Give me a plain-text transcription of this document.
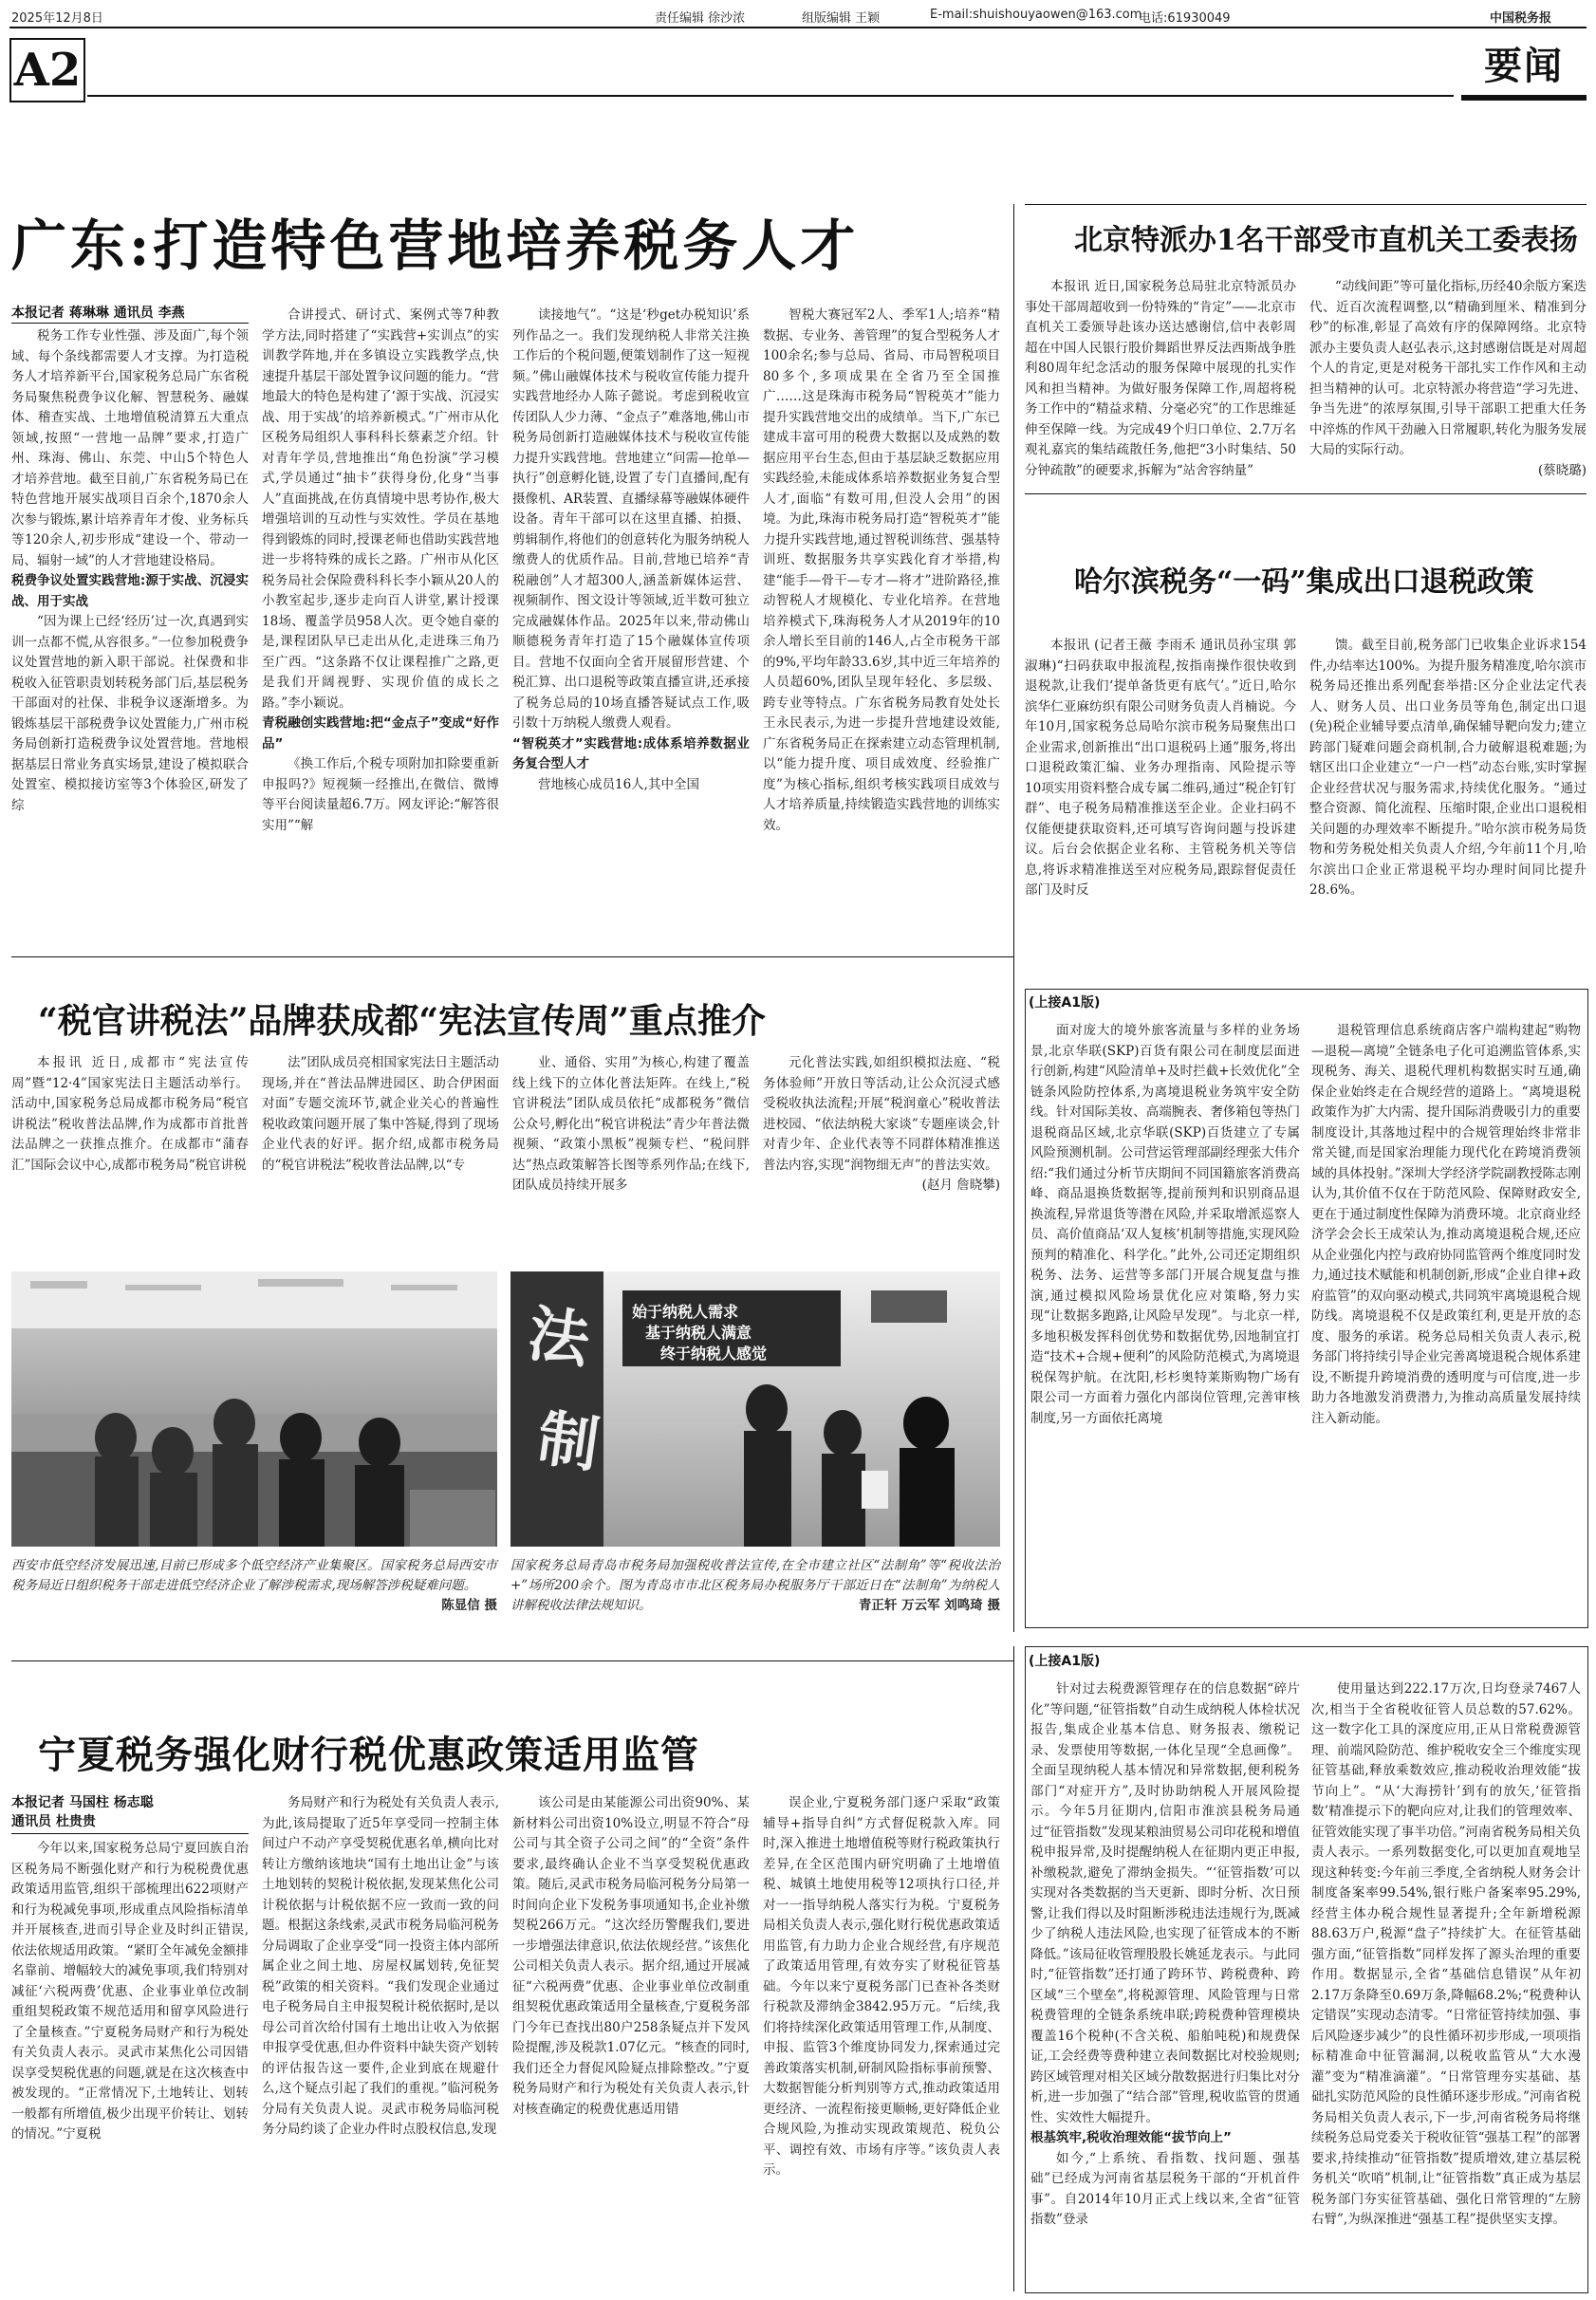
2025年12月8日	责任编辑 徐沙浓	组版编辑 王颖	E-mail:shuishouyaowen@163.com
电话:61930049	中国税务报
A2	要闻
广东:打造特色营地培养税务人才
本报记者 蒋琳琳 通讯员 李燕

税务工作专业性强、涉及面广,每个领域、每个条线都需要人才支撑。为打造税务人才培养新平台,国家税务总局广东省税务局聚焦税费争议化解、智慧税务、融媒体、稽查实战、土地增值税清算五大重点领域,按照“一营地一品牌”要求,打造广州、珠海、佛山、东莞、中山5个特色人才培养营地。截至目前,广东省税务局已在特色营地开展实战项目百余个,1870余人次参与锻炼,累计培养青年才俊、业务标兵等120余人,初步形成“建设一个、带动一局、辐射一域”的人才营地建设格局。

税费争议处置实践营地:源于实战、沉浸实战、用于实战

“因为课上已经‘经历’过一次,真遇到实训一点都不慌,从容很多。”一位参加税费争议处置营地的新入职干部说。社保费和非税收入征管职责划转税务部门后,基层税务干部面对的社保、非税争议逐渐增多。为锻炼基层干部税费争议处置能力,广州市税务局创新打造税费争议处置营地。营地根据基层日常业务真实场景,建设了模拟联合处置室、模拟接访室等3个体验区,研发了综

合讲授式、研讨式、案例式等7种教学方法,同时搭建了“实践营+实训点”的实训教学阵地,并在多镇设立实践教学点,快速提升基层干部处置争议问题的能力。“营地最大的特色是构建了‘源于实战、沉浸实战、用于实战’的培养新模式。”广州市从化区税务局组织人事科科长蔡素芝介绍。针对青年学员,营地推出“角色扮演”学习模式,学员通过“抽卡”获得身份,化身“当事人”直面挑战,在仿真情境中思考协作,极大增强培训的互动性与实效性。学员在基地得到锻炼的同时,授课老师也借助实践营地进一步将特殊的成长之路。广州市从化区税务局社会保险费科科长李小颖从20人的小教室起步,逐步走向百人讲堂,累计授课18场、覆盖学员958人次。更令她自豪的是,课程团队早已走出从化,走进珠三角乃至广西。“这条路不仅让课程推广之路,更是我们开阔视野、实现价值的成长之路。”李小颖说。

青税融创实践营地:把“金点子”变成“好作品”

《换工作后,个税专项附加扣除要重新申报吗?》短视频一经推出,在微信、微博等平台阅读量超6.7万。网友评论:“解答很实用”“解

读接地气”。“这是‘秒get办税知识’系列作品之一。我们发现纳税人非常关注换工作后的个税问题,便策划制作了这一短视频。”佛山融媒体技术与税收宣传能力提升实践营地经办人陈子懿说。考虑到税收宣传团队人少力薄、“金点子”难落地,佛山市税务局创新打造融媒体技术与税收宣传能力提升实践营地。营地建立“问需—抢单—执行”创意孵化链,设置了专门直播间,配有摄像机、AR装置、直播绿幕等融媒体硬件设备。青年干部可以在这里直播、拍摄、剪辑制作,将他们的创意转化为服务纳税人缴费人的优质作品。目前,营地已培养“青税融创”人才超300人,涵盖新媒体运营、视频制作、图文设计等领域,近半数可独立完成融媒体作品。2025年以来,带动佛山顺德税务青年打造了15个融媒体宣传项目。营地不仅面向全省开展留形营建、个税汇算、出口退税等政策直播宣讲,还承接了税务总局的10场直播答疑试点工作,吸引数十万纳税人缴费人观看。

“智税英才”实践营地:成体系培养数据业务复合型人才

营地核心成员16人,其中全国

智税大赛冠军2人、季军1人;培养“精数据、专业务、善管理”的复合型税务人才100余名;参与总局、省局、市局智税项目80多个,多项成果在全省乃至全国推广……这是珠海市税务局“智税英才”能力提升实践营地交出的成绩单。当下,广东已建成丰富可用的税费大数据以及成熟的数据应用平台生态,但由于基层缺乏数据应用实践经验,未能成体系培养数据业务复合型人才,面临“有数可用,但没人会用”的困境。为此,珠海市税务局打造“智税英才”能力提升实践营地,通过智税训练营、强基特训班、数据服务共享实践化育才举措,构建“能手—骨干—专才—将才”进阶路径,推动智税人才规模化、专业化培养。在营地培养模式下,珠海税务人才从2019年的10余人增长至目前的146人,占全市税务干部的9%,平均年龄33.6岁,其中近三年培养的人员超60%,团队呈现年轻化、多层级、跨专业等特点。广东省税务局教育处处长王永民表示,为进一步提升营地建设效能,广东省税务局正在探索建立动态管理机制,以“能力提升度、项目成效度、经验推广度”为核心指标,组织考核实践项目成效与人才培养质量,持续锻造实践营地的训练实效。

北京特派办1名干部受市直机关工委表扬

本报讯 近日,国家税务总局驻北京特派员办事处干部周超收到一份特殊的“肯定”——北京市直机关工委颁导赴该办送达感谢信,信中表彰周超在中国人民银行股价舞蹈世界反法西斯战争胜利80周年纪念活动的服务保障中展现的扎实作风和担当精神。为做好服务保障工作,周超将税务工作中的“精益求精、分毫必究”的工作思维延伸至保障一线。为完成49个归口单位、2.7万名观礼嘉宾的集结疏散任务,他把“3小时集结、50分钟疏散”的硬要求,拆解为“站舍容纳量”

“动线间距”等可量化指标,历经40余版方案迭代、近百次流程调整,以“精确到厘米、精准到分秒”的标准,彰显了高效有序的保障网络。北京特派办主要负责人赵弘表示,这封感谢信既是对周超个人的肯定,更是对税务干部扎实工作作风和主动担当精神的认可。北京特派办将营造“学习先进、争当先进”的浓厚氛围,引导干部职工把重大任务中淬炼的作风干劲融入日常履职,转化为服务发展大局的实际行动。

(蔡晓璐)

哈尔滨税务“一码”集成出口退税政策

本报讯 (记者王薇 李雨禾 通讯员孙宝琪 郭淑琳)“扫码获取申报流程,按指南操作很快收到退税款,让我们‘提单备货更有底气’。”近日,哈尔滨华仁亚麻纺织有限公司财务负责人肖楠说。今年10月,国家税务总局哈尔滨市税务局聚焦出口企业需求,创新推出“出口退税码上通”服务,将出口退税政策汇编、业务办理指南、风险提示等10项实用资料整合成专属二维码,通过“税企钉钉群”、电子税务局精准推送至企业。企业扫码不仅能便捷获取资料,还可填写咨询问题与投诉建议。后台会依据企业名称、主管税务机关等信息,将诉求精准推送至对应税务局,跟踪督促责任部门及时反

馈。截至目前,税务部门已收集企业诉求154件,办结率达100%。为提升服务精准度,哈尔滨市税务局还推出系列配套举措:区分企业法定代表人、财务人员、出口业务员等角色,制定出口退(免)税企业辅导要点清单,确保辅导靶向发力;建立跨部门疑难问题会商机制,合力破解退税难题;为辖区出口企业建立“一户一档”动态台账,实时掌握企业经营状况与服务需求,持续优化服务。“通过整合资源、简化流程、压缩时限,企业出口退税相关问题的办理效率不断提升。”哈尔滨市税务局货物和劳务税处相关负责人介绍,今年前11个月,哈尔滨出口企业正常退税平均办理时间同比提升28.6%。

“税官讲税法”品牌获成都“宪法宣传周”重点推介

本报讯 近日,成都市“宪法宣传周”暨“12·4”国家宪法日主题活动举行。活动中,国家税务总局成都市税务局“税官讲税法”税收普法品牌,作为成都市首批普法品牌之一获推点推介。在成都市“蒲春汇”国际会议中心,成都市税务局“税官讲税

法”团队成员亮相国家宪法日主题活动现场,并在“普法品牌进园区、助合伊困面对面”专题交流环节,就企业关心的普遍性税收政策问题开展了集中答疑,得到了现场企业代表的好评。据介绍,成都市税务局的“税官讲税法”税收普法品牌,以“专

业、通俗、实用”为核心,构建了覆盖线上线下的立体化普法矩阵。在线上,“税官讲税法”团队成员依托“成都税务”微信公众号,孵化出“税官讲税法”青少年普法微视频、“政策小黑板”视频专栏、“税问胖达”热点政策解答长图等系列作品;在线下,团队成员持续开展多

元化普法实践,如组织模拟法庭、“税务体验师”开放日等活动,让公众沉浸式感受税收执法流程;开展“税润童心”税收普法进校园、“依法纳税大家谈”专题座谈会,针对青少年、企业代表等不同群体精准推送普法内容,实现“润物细无声”的普法实效。

(赵月 詹晓攀)

西安市低空经济发展迅速,目前已形成多个低空经济产业集聚区。国家税务总局西安市税务局近日组织税务干部走进低空经济企业了解涉税需求,现场解答涉税疑难问题。
陈显信 摄
法
制
始于纳税人需求
基于纳税人满意
终于纳税人感觉
国家税务总局青岛市税务局加强税收普法宣传,在全市建立社区“法制角”等“税收法治+”场所200余个。图为青岛市市北区税务局办税服务厅干部近日在“法制角”为纳税人讲解税收法律法规知识。	青正轩 万云军 刘鸣琦 摄
(上接A1版)

面对庞大的境外旅客流量与多样的业务场景,北京华联(SKP)百货有限公司在制度层面进行创新,构建“风险清单+及时拦截+长效优化”全链条风险防控体系,为离境退税业务筑牢安全防线。针对国际美妆、高端腕表、奢侈箱包等热门退税商品区域,北京华联(SKP)百货建立了专属风险预测机制。公司营运管理部副经理张大伟介绍:“我们通过分析节庆期间不同国籍旅客消费高峰、商品退换货数据等,提前预判和识别商品退换流程,异常退货等潜在风险,并采取增派巡察人员、高价值商品‘双人复核’机制等措施,实现风险预判的精准化、科学化。”此外,公司还定期组织税务、法务、运营等多部门开展合规复盘与推演,通过模拟风险场景优化应对策略,努力实现“让数据多跑路,让风险早发现”。与北京一样,多地积极发挥科创优势和数据优势,因地制宜打造“技术+合规+便利”的风险防范模式,为离境退税保驾护航。在沈阳,杉杉奥特莱斯购物广场有限公司一方面着力强化内部岗位管理,完善审核制度,另一方面依托离境

退税管理信息系统商店客户端构建起“购物—退税—离境”全链条电子化可追溯监管体系,实现税务、海关、退税代理机构数据实时互通,确保企业始终走在合规经营的道路上。“离境退税政策作为扩大内需、提升国际消费吸引力的重要制度设计,其落地过程中的合规管理始终非常非常关键,而是国家治理能力现代化在跨境消费领域的具体投射。”深圳大学经济学院副教授陈志刚认为,其价值不仅在于防范风险、保障财政安全,更在于通过制度性保障为消费环境。北京商业经济学会会长王成荣认为,推动离境退税合规,还应从企业强化内控与政府协同监管两个维度同时发力,通过技术赋能和机制创新,形成“企业自律+政府监管”的双向驱动模式,共同筑牢离境退税合规防线。离境退税不仅是政策红利,更是开放的态度、服务的承诺。税务总局相关负责人表示,税务部门将持续引导企业完善离境退税合规体系建设,不断提升跨境消费的透明度与可信度,进一步助力各地激发消费潜力,为推动高质量发展持续注入新动能。

宁夏税务强化财行税优惠政策适用监管
本报记者 马国柱 杨志聪
通讯员 杜贵贵

今年以来,国家税务总局宁夏回族自治区税务局不断强化财产和行为税税费优惠政策适用监管,组织干部梳理出622项财产和行为税减免事项,形成重点风险指标清单并开展核查,进而引导企业及时纠正错误,依法依规适用政策。“紧盯全年减免金额排名靠前、增幅较大的减免事项,我们特别对减征‘六税两费’优惠、企业事业单位改制重组契税政策不规范适用和留享风险进行了全量核查。”宁夏税务局财产和行为税处有关负责人表示。灵武市某焦化公司因错误享受契税优惠的问题,就是在这次核查中被发现的。“正常情况下,土地转让、划转一般都有所增值,极少出现平价转让、划转的情况。”宁夏税

务局财产和行为税处有关负责人表示,为此,该局提取了近5年享受同一控制主体间过户不动产享受契税优惠名单,横向比对转让方缴纳该地块“国有土地出让金”与该土地划转的契税计税依据,发现某焦化公司计税依据与计税依据不应一致而一致的问题。根据这条线索,灵武市税务局临河税务分局调取了企业享受“同一投资主体内部所属企业之间土地、房屋权属划转,免征契税”政策的相关资料。“我们发现企业通过电子税务局自主申报契税计税依据时,是以母公司首次给付国有土地出让收入为依据申报享受优惠,但办件资料中缺失资产划转的评估报告这一要件,企业到底在规避什么,这个疑点引起了我们的重视。”临河税务分局有关负责人说。灵武市税务局临河税务分局约谈了企业办件时点股权信息,发现

该公司是由某能源公司出资90%、某新材料公司出资10%设立,明显不符合“母公司与其全资子公司之间”的“全资”条件要求,最终确认企业不当享受契税优惠政策。随后,灵武市税务局临河税务分局第一时间向企业下发税务事项通知书,企业补缴契税266万元。“这次经历警醒我们,要进一步增强法律意识,依法依规经营。”该焦化公司相关负责人表示。据介绍,通过开展减征“六税两费”优惠、企业事业单位改制重组契税优惠政策适用全量核查,宁夏税务部门今年已查找出80户258条疑点并下发风险提醒,涉及税款1.07亿元。“核查的同时,我们还全力督促风险疑点排除整改。”宁夏税务局财产和行为税处有关负责人表示,针对核查确定的税费优惠适用错

误企业,宁夏税务部门逐户采取“政策辅导+指导自纠”方式督促税款入库。同时,深入推进土地增值税等财行税政策执行差异,在全区范围内研究明确了土地增值税、城镇土地使用税等12项执行口径,并对一一指导纳税人落实行为税。宁夏税务局相关负责人表示,强化财行税优惠政策适用监管,有力助力企业合规经营,有序规范了政策适用管理,有效夯实了财税征管基础。今年以来宁夏税务部门已查补各类财行税款及滞纳金3842.95万元。“后续,我们将持续深化政策适用管理工作,从制度、申报、监管3个维度协同发力,探索通过完善政策落实机制,研制风险指标事前预警、大数据智能分析判别等方式,推动政策适用更经济、一流程衔接更顺畅,更好降低企业合规风险,为推动实现政策规范、税负公平、调控有效、市场有序等。”该负责人表示。

(上接A1版)

针对过去税费源管理存在的信息数据“碎片化”等问题,“征管指数”自动生成纳税人体检状况报告,集成企业基本信息、财务报表、缴税记录、发票使用等数据,一体化呈现“全息画像”。全面呈现纳税人基本情况和异常数据,便利税务部门“对症开方”,及时协助纳税人开展风险提示。今年5月征期内,信阳市淮滨县税务局通过“征管指数”发现某粮油贸易公司印花税和增值税申报异常,及时提醒纳税人在征期内更正申报,补缴税款,避免了滞纳金损失。“‘征管指数’可以实现对各类数据的当天更新、即时分析、次日预警,让我们得以及时阻断涉税违法违规行为,既减少了纳税人违法风险,也实现了征管成本的不断降低。”该局征收管理股股长姚延龙表示。与此同时,“征管指数”还打通了跨环节、跨税费种、跨区域“三个壁垒”,将税源管理、风险管理与日常税费管理的全链条系统串联;跨税费种管理模块覆盖16个税种(不含关税、船舶吨税)和规费保证,工会经费等费种建立表间数据比对校验规则;跨区域管理对相关区域分散数据进行归集比对分析,进一步加强了“结合部”管理,税收监管的贯通性、实效性大幅提升。

根基筑牢,税收治理效能“拔节向上”

如今,“上系统、看指数、找问题、强基础”已经成为河南省基层税务干部的“开机首件事”。自2014年10月正式上线以来,全省“征管指数”登录

使用量达到222.17万次,日均登录7467人次,相当于全省税收征管人员总数的57.62%。这一数字化工具的深度应用,正从日常税费源管理、前端风险防范、维护税收安全三个维度实现征管基础,释放乘数效应,推动税收治理效能“拔节向上”。“从‘大海捞针’到有的放矢,‘征管指数’精准提示下的靶向应对,让我们的管理效率、征管效能实现了事半功倍。”河南省税务局相关负责人表示。一系列数据变化,可以更加直观地呈现这种转变:今年前三季度,全省纳税人财务会计制度备案率99.54%,银行账户备案率95.29%,经营主体办税合规性显著提升;全年新增税源88.63万户,税源“盘子”持续扩大。在征管基础强方面,“征管指数”同样发挥了源头治理的重要作用。数据显示,全省“基础信息错误”从年初2.17万条降至0.69万条,降幅68.2%;“税费种认定错误”实现动态清零。“日常征管持续加强、事后风险逐步减少”的良性循环初步形成,一项项指标精准命中征管漏洞,以税收监管从“大水漫灌”变为“精准滴灌”。“日常管理夯实基础、基础扎实防范风险的良性循环逐步形成。”河南省税务局相关负责人表示,下一步,河南省税务局将继续税务总局党委关于税收征管“强基工程”的部署要求,持续推动“征管指数”提质增效,建立基层税务机关“吹哨”机制,让“征管指数”真正成为基层税务部门夯实征管基础、强化日常管理的“左膀右臂”,为纵深推进“强基工程”提供坚实支撑。
